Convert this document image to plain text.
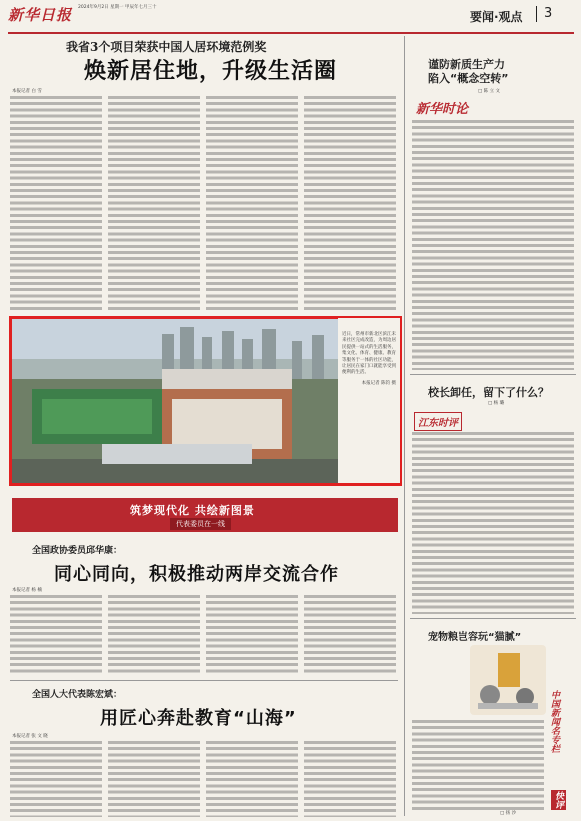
新华日报 2024年9月2日 星期一 甲辰年七月三十
要闻·观点 3
我省3个项目荣获中国人居环境范例奖
焕新居住地，升级生活圈
本报记者 白 雪
近日，常州市新北区滨江未来社区完成改造，为周边居民提供一站式的生活服务，集文化、体育、健康、教育等服务于一体的社区功能，让居民在家门口就能享受到便利的生活。
本报记者 陈钧 摄
筑梦现代化 共绘新图景
代表委员在一线
全国政协委员邱华康：
同心同向，积极推动两岸交流合作
本报记者 杨 楠
全国人大代表陈宏斌：
用匠心奔赴教育“山海”
本报记者 张 文 晓
谨防新质生产力
陷入“概念空转”
□ 陈 立 文
新华时论
校长卸任，留下了什么？
□ 杨 璐
江东时评
宠物粮岂容玩“猫腻”
中国新闻名专栏
快评
□ 扬 沙
